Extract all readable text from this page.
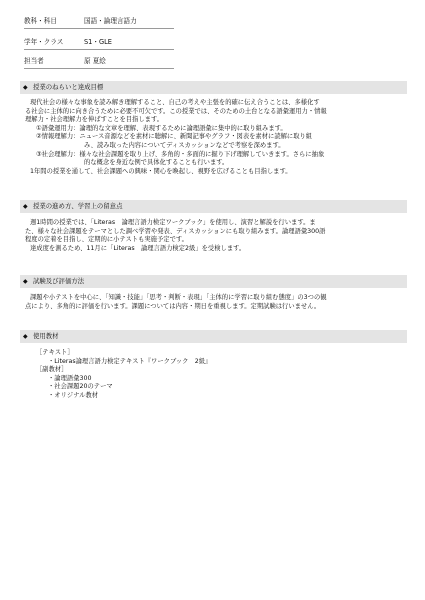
教科・科目	国語・論理言語力
学年・クラス	S1・GLE
担当者	原 夏絵
◆ 授業のねらいと達成目標
現代社会の様々な事象を読み解き理解すること、自己の考えや主張を的確に伝え合うことは、多様化す
る社会に主体的に向き合うために必要不可欠です。この授業では、そのための土台となる語彙運用力・情報
理解力・社会理解力を伸ばすことを目指します。
①語彙運用力：論理的な文章を理解、表現するために論理語彙に集中的に取り組みます。
②情報理解力：ニュース音源などを素材に聴解に、新聞記事やグラフ・図表を素材に読解に取り組
み、読み取った内容についてディスカッションなどで考察を深めます。
③社会理解力：様々な社会課題を取り上げ、多角的・多面的に掘り下げ理解していきます。さらに抽象
的な概念を身近な例で具体化することも行います。
1年間の授業を通して、社会課題への興味・関心を喚起し、視野を広げることも目指します。
◆ 授業の進め方、学習上の留意点
週1時間の授業では、「Literas　論理言語力検定ワークブック」を使用し、演習と解説を行います。ま
た、様々な社会課題をテーマとした調べ学習や発表、ディスカッションにも取り組みます。論理語彙300語
程度の定着を目指し、定期的に小テストも実施予定です。
達成度を測るため、11月に「Literas　論理言語力検定2級」を受検します。
◆ 試験及び評価方法
課題や小テストを中心に、「知識・技能」「思考・判断・表現」「主体的に学習に取り組む態度」の3つの観
点により、多角的に評価を行います。課題については内容・期日を重視します。定期試験は行いません。
◆ 使用教材
［テキスト］
・Literas論理言語力検定テキスト『ワークブック　2級』
［副教材］
・論理語彙300
・社会課題20のテーマ
・オリジナル教材
